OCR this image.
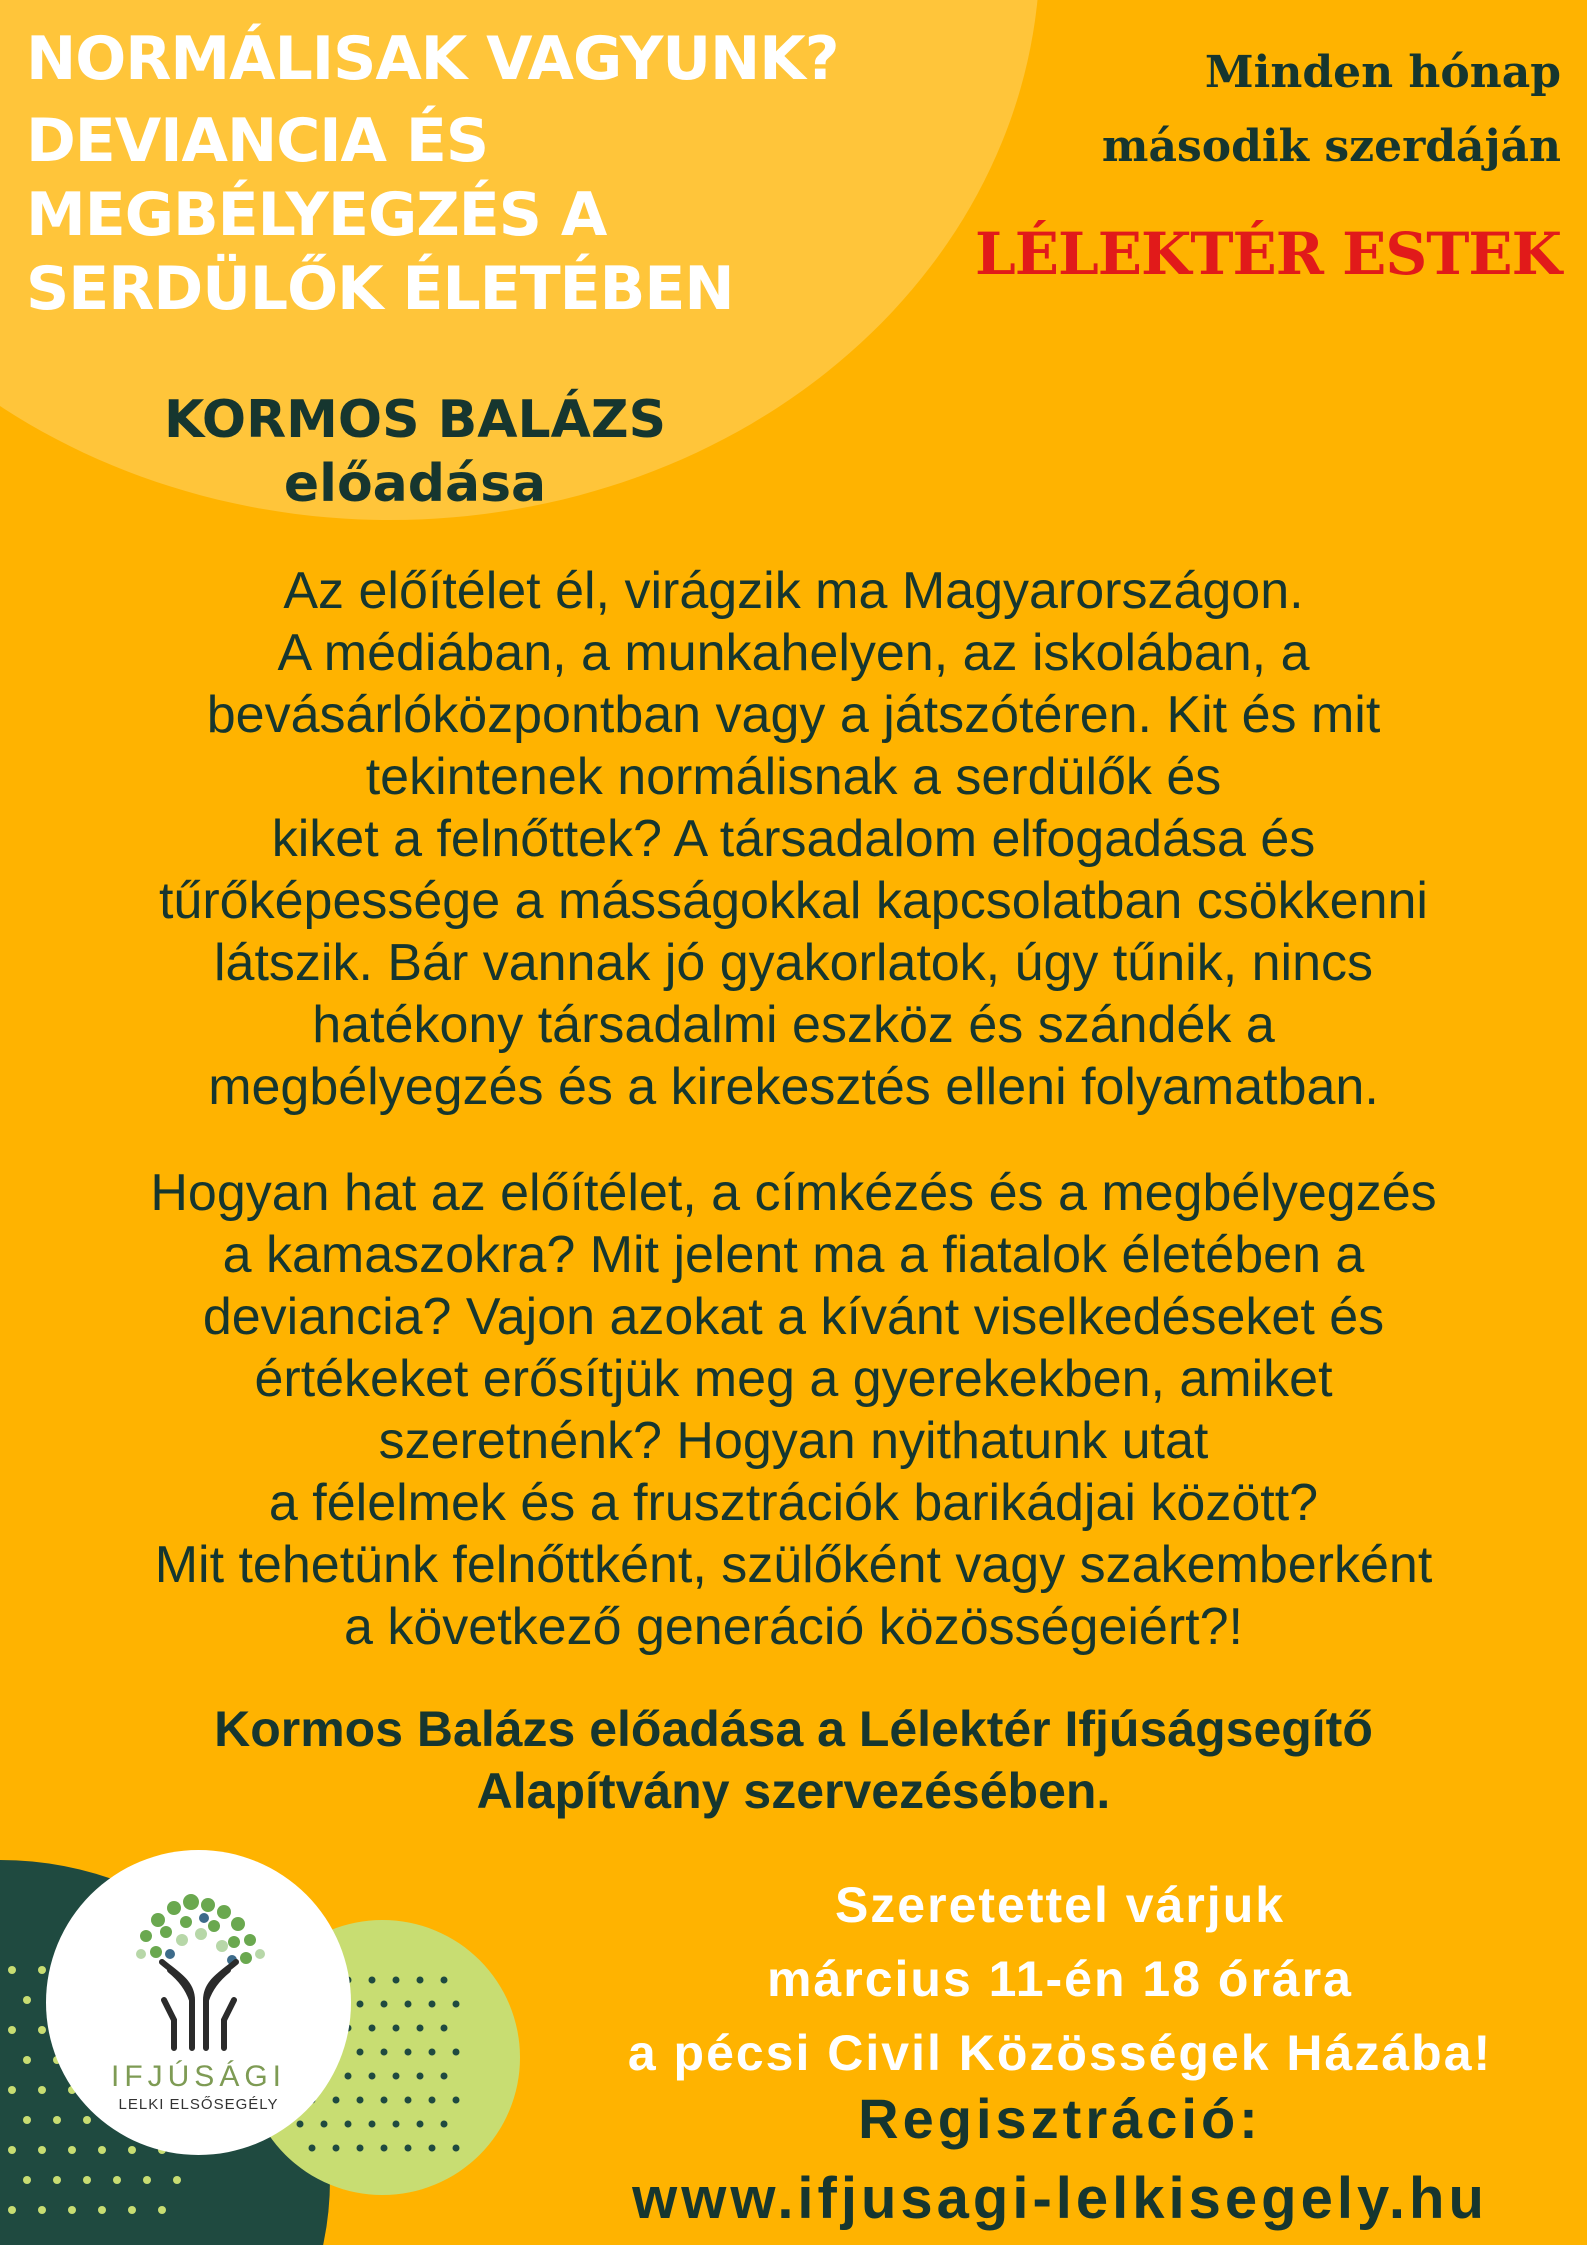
NORMÁLISAK VAGYUNK?
DEVIANCIA ÉS
MEGBÉLYEGZÉS A
SERDÜLŐK ÉLETÉBEN
KORMOS BALÁZS
előadása
Minden hónap
második szerdáján
LÉLEKTÉR ESTEK
Az előítélet él, virágzik ma Magyarországon.
A médiában, a munkahelyen, az iskolában, a
bevásárlóközpontban vagy a játszótéren. Kit és mit
tekintenek normálisnak a serdülők és
kiket a felnőttek? A társadalom elfogadása és
tűrőképessége a másságokkal kapcsolatban csökkenni
látszik. Bár vannak jó gyakorlatok, úgy tűnik, nincs
hatékony társadalmi eszköz és szándék a
megbélyegzés és a kirekesztés elleni folyamatban.
Hogyan hat az előítélet, a címkézés és a megbélyegzés
a kamaszokra? Mit jelent ma a fiatalok életében a
deviancia? Vajon azokat a kívánt viselkedéseket és
értékeket erősítjük meg a gyerekekben, amiket
szeretnénk? Hogyan nyithatunk utat
a félelmek és a frusztrációk barikádjai között?
Mit tehetünk felnőttként, szülőként vagy szakemberként
a következő generáció közösségeiért?!
Kormos Balázs előadása a Lélektér Ifjúságsegítő
Alapítvány szervezésében.
IFJÚSÁGI
LELKI ELSŐSEGÉLY
Szeretettel várjuk
március 11-én 18 órára
a pécsi Civil Közösségek Házába!
Regisztráció:
www.ifjusagi-lelkisegely.hu
